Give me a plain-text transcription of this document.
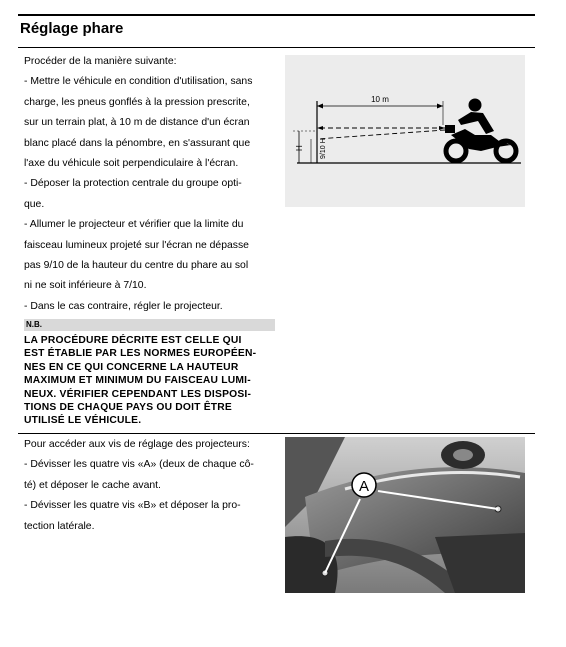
Réglage phare

Procéder de la manière suivante:

- Mettre le véhicule en condition d'utilisation, sans

charge, les pneus gonflés à la pression prescrite,

sur un terrain plat, à 10 m de distance d'un écran

blanc placé dans la pénombre, en s'assurant que

l'axe du véhicule soit perpendiculaire à l'écran.

- Déposer la protection centrale du groupe opti-

que.

- Allumer le projecteur et vérifier que la limite du

faisceau lumineux projeté sur l'écran ne dépasse

pas 9/10 de la hauteur du centre du phare au sol

ni ne soit inférieure à 7/10.

- Dans le cas contraire, régler le projecteur.

N.B.
LA PROCÉDURE DÉCRITE EST CELLE QUI
EST ÉTABLIE PAR LES NORMES EUROPÉEN-
NES EN CE QUI CONCERNE LA HAUTEUR
MAXIMUM ET MINIMUM DU FAISCEAU LUMI-
NEUX. VÉRIFIER CEPENDANT LES DISPOSI-
TIONS DE CHAQUE PAYS OU DOIT ÊTRE
UTILISÉ LE VÉHICULE.
10 m
H 9/10 H

Pour accéder aux vis de réglage des projecteurs:

- Dévisser les quatre vis «A» (deux de chaque cô-

té) et déposer le cache avant.

- Dévisser les quatre vis «B» et déposer la pro-

tection latérale.

A
